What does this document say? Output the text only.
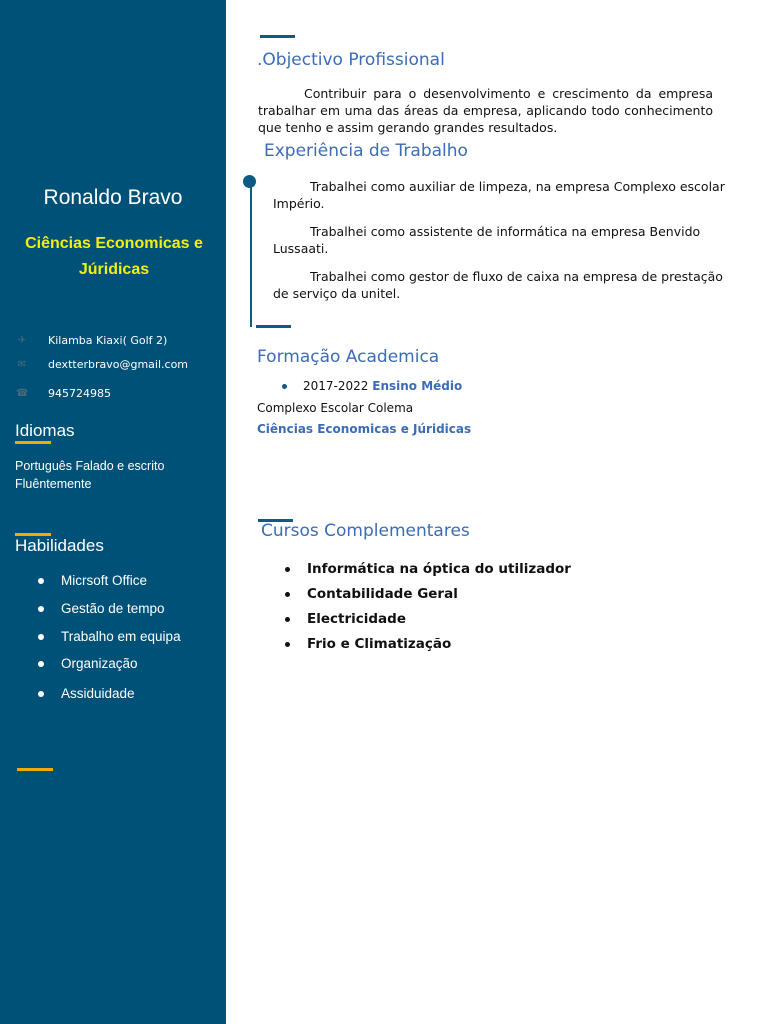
Ronaldo Bravo
Ciências Economicas e Júridicas
✈ Kilamba Kiaxi( Golf 2)
✉ dextterbravo@gmail.com
☎ 945724985
Idiomas
Português Falado e escrito Fluêntemente
Habilidades
Micrsoft Office
Gestão de tempo
Trabalho em equipa
Organização
Assiduidade
.Objectivo Profissional
Contribuir para o desenvolvimento e crescimento da empresa trabalhar em uma das áreas da empresa, aplicando todo conhecimento que tenho e assim gerando grandes resultados.
Experiência de Trabalho
Trabalhei como auxiliar de limpeza, na empresa Complexo escolar Império.
Trabalhei como assistente de informática na empresa Benvido Lussaati.
Trabalhei como gestor de fluxo de caixa na empresa de prestação de serviço da unitel.
Formação Academica
2017-2022
Ensino Médio
Complexo Escolar Colema
Ciências Economicas e Júridicas
Cursos Complementares
Informática na óptica do utilizador
Contabilidade Geral
Electricidade
Frio e Climatização
